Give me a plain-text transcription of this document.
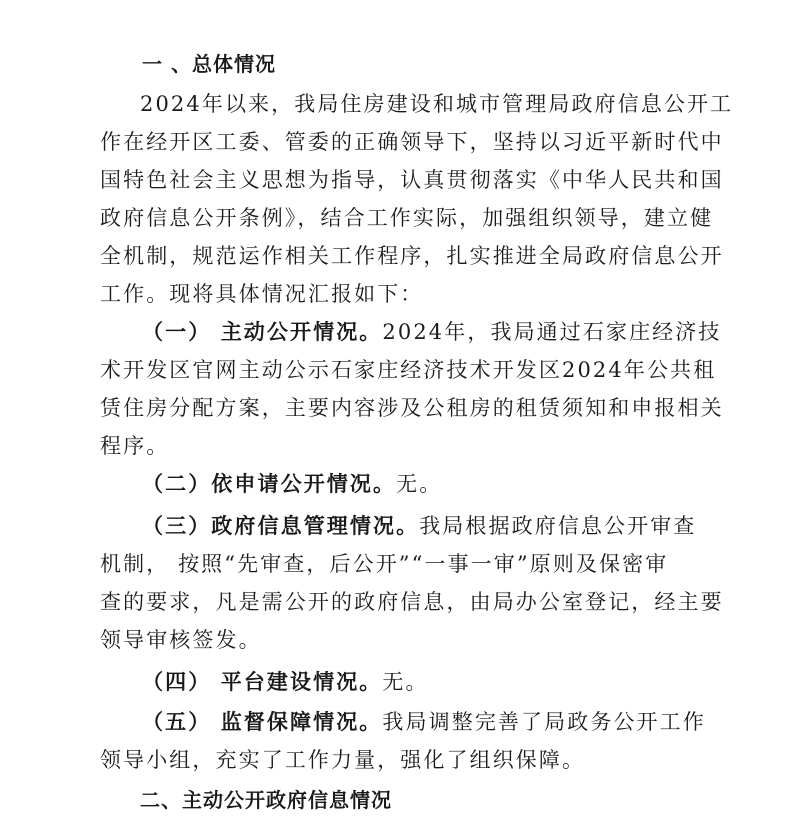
一 、总体情况
2024年以来，我局住房建设和城市管理局政府信息公开工
作在经开区工委、管委的正确领导下，坚持以习近平新时代中
国特色社会主义思想为指导，认真贯彻落实《中华人民共和国
政府信息公开条例》，结合工作实际，加强组织领导，建立健
全机制，规范运作相关工作程序，扎实推进全局政府信息公开
工作。现将具体情况汇报如下：
（一） 主动公开情况。2024年，我局通过石家庄经济技
术开发区官网主动公示石家庄经济技术开发区2024年公共租
赁住房分配方案，主要内容涉及公租房的租赁须知和申报相关
程序。
（二）依申请公开情况。无。
（三）政府信息管理情况。我局根据政府信息公开审查
机制， 按照“先审查，后公开”“一事一审”原则及保密审
查的要求，凡是需公开的政府信息，由局办公室登记，经主要
领导审核签发。
（四） 平台建设情况。无。
（五） 监督保障情况。我局调整完善了局政务公开工作
领导小组，充实了工作力量，强化了组织保障。
二、主动公开政府信息情况
